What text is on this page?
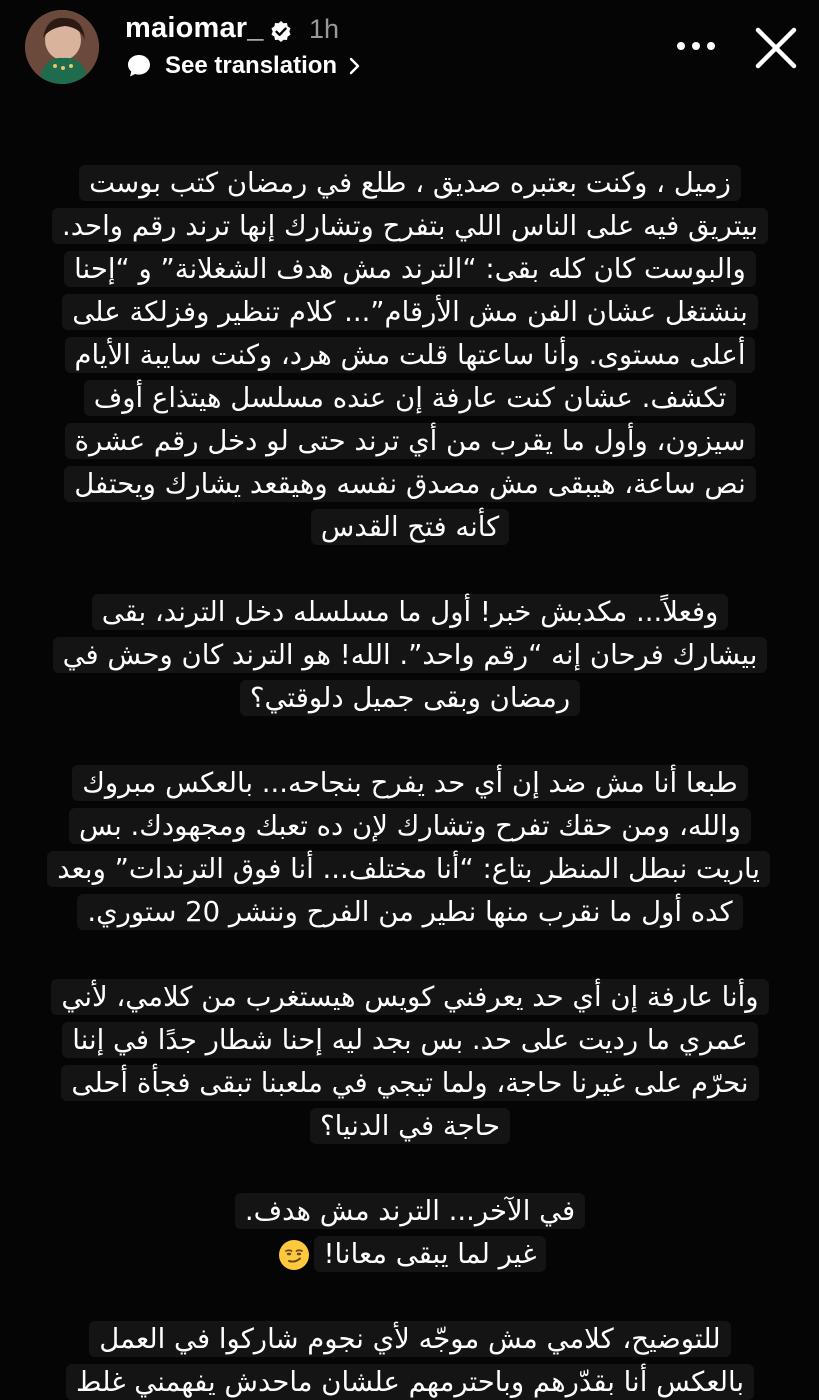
maiomar_ 1h
See translation

زميل ، وكنت بعتبره صديق ، طلع في رمضان كتب بوست بيتريق فيه على الناس اللي بتفرح وتشارك إنها ترند رقم واحد. والبوست كان كله بقى: “الترند مش هدف الشغلانة” و “إحنا بنشتغل عشان الفن مش الأرقام”... كلام تنظير وفزلكة على أعلى مستوى. وأنا ساعتها قلت مش هرد، وكنت سايبة الأيام تكشف. عشان كنت عارفة إن عنده مسلسل هيتذاع أوف سيزون، وأول ما يقرب من أي ترند حتى لو دخل رقم عشرة نص ساعة، هيبقى مش مصدق نفسه وهيقعد يشارك ويحتفل كأنه فتح القدس

وفعلاً... مكدبش خبر! أول ما مسلسله دخل الترند، بقى بيشارك فرحان إنه “رقم واحد”. الله! هو الترند كان وحش في رمضان وبقى جميل دلوقتي؟

طبعا أنا مش ضد إن أي حد يفرح بنجاحه... بالعكس مبروك والله، ومن حقك تفرح وتشارك لإن ده تعبك ومجهودك. بس ياريت نبطل المنظر بتاع: “أنا مختلف... أنا فوق الترندات” وبعد كده أول ما نقرب منها نطير من الفرح وننشر 20 ستوري.

وأنا عارفة إن أي حد يعرفني كويس هيستغرب من كلامي، لأني عمري ما رديت على حد. بس بجد ليه إحنا شطار جدًا في إننا نحرّم على غيرنا حاجة، ولما تيجي في ملعبنا تبقى فجأة أحلى حاجة في الدنيا؟

في الآخر... الترند مش هدف.
غير لما يبقى معانا!

للتوضيح، كلامي مش موجّه لأي نجوم شاركوا في العمل بالعكس أنا بقدّرهم وباحترمهم علشان ماحدش يفهمني غلط
